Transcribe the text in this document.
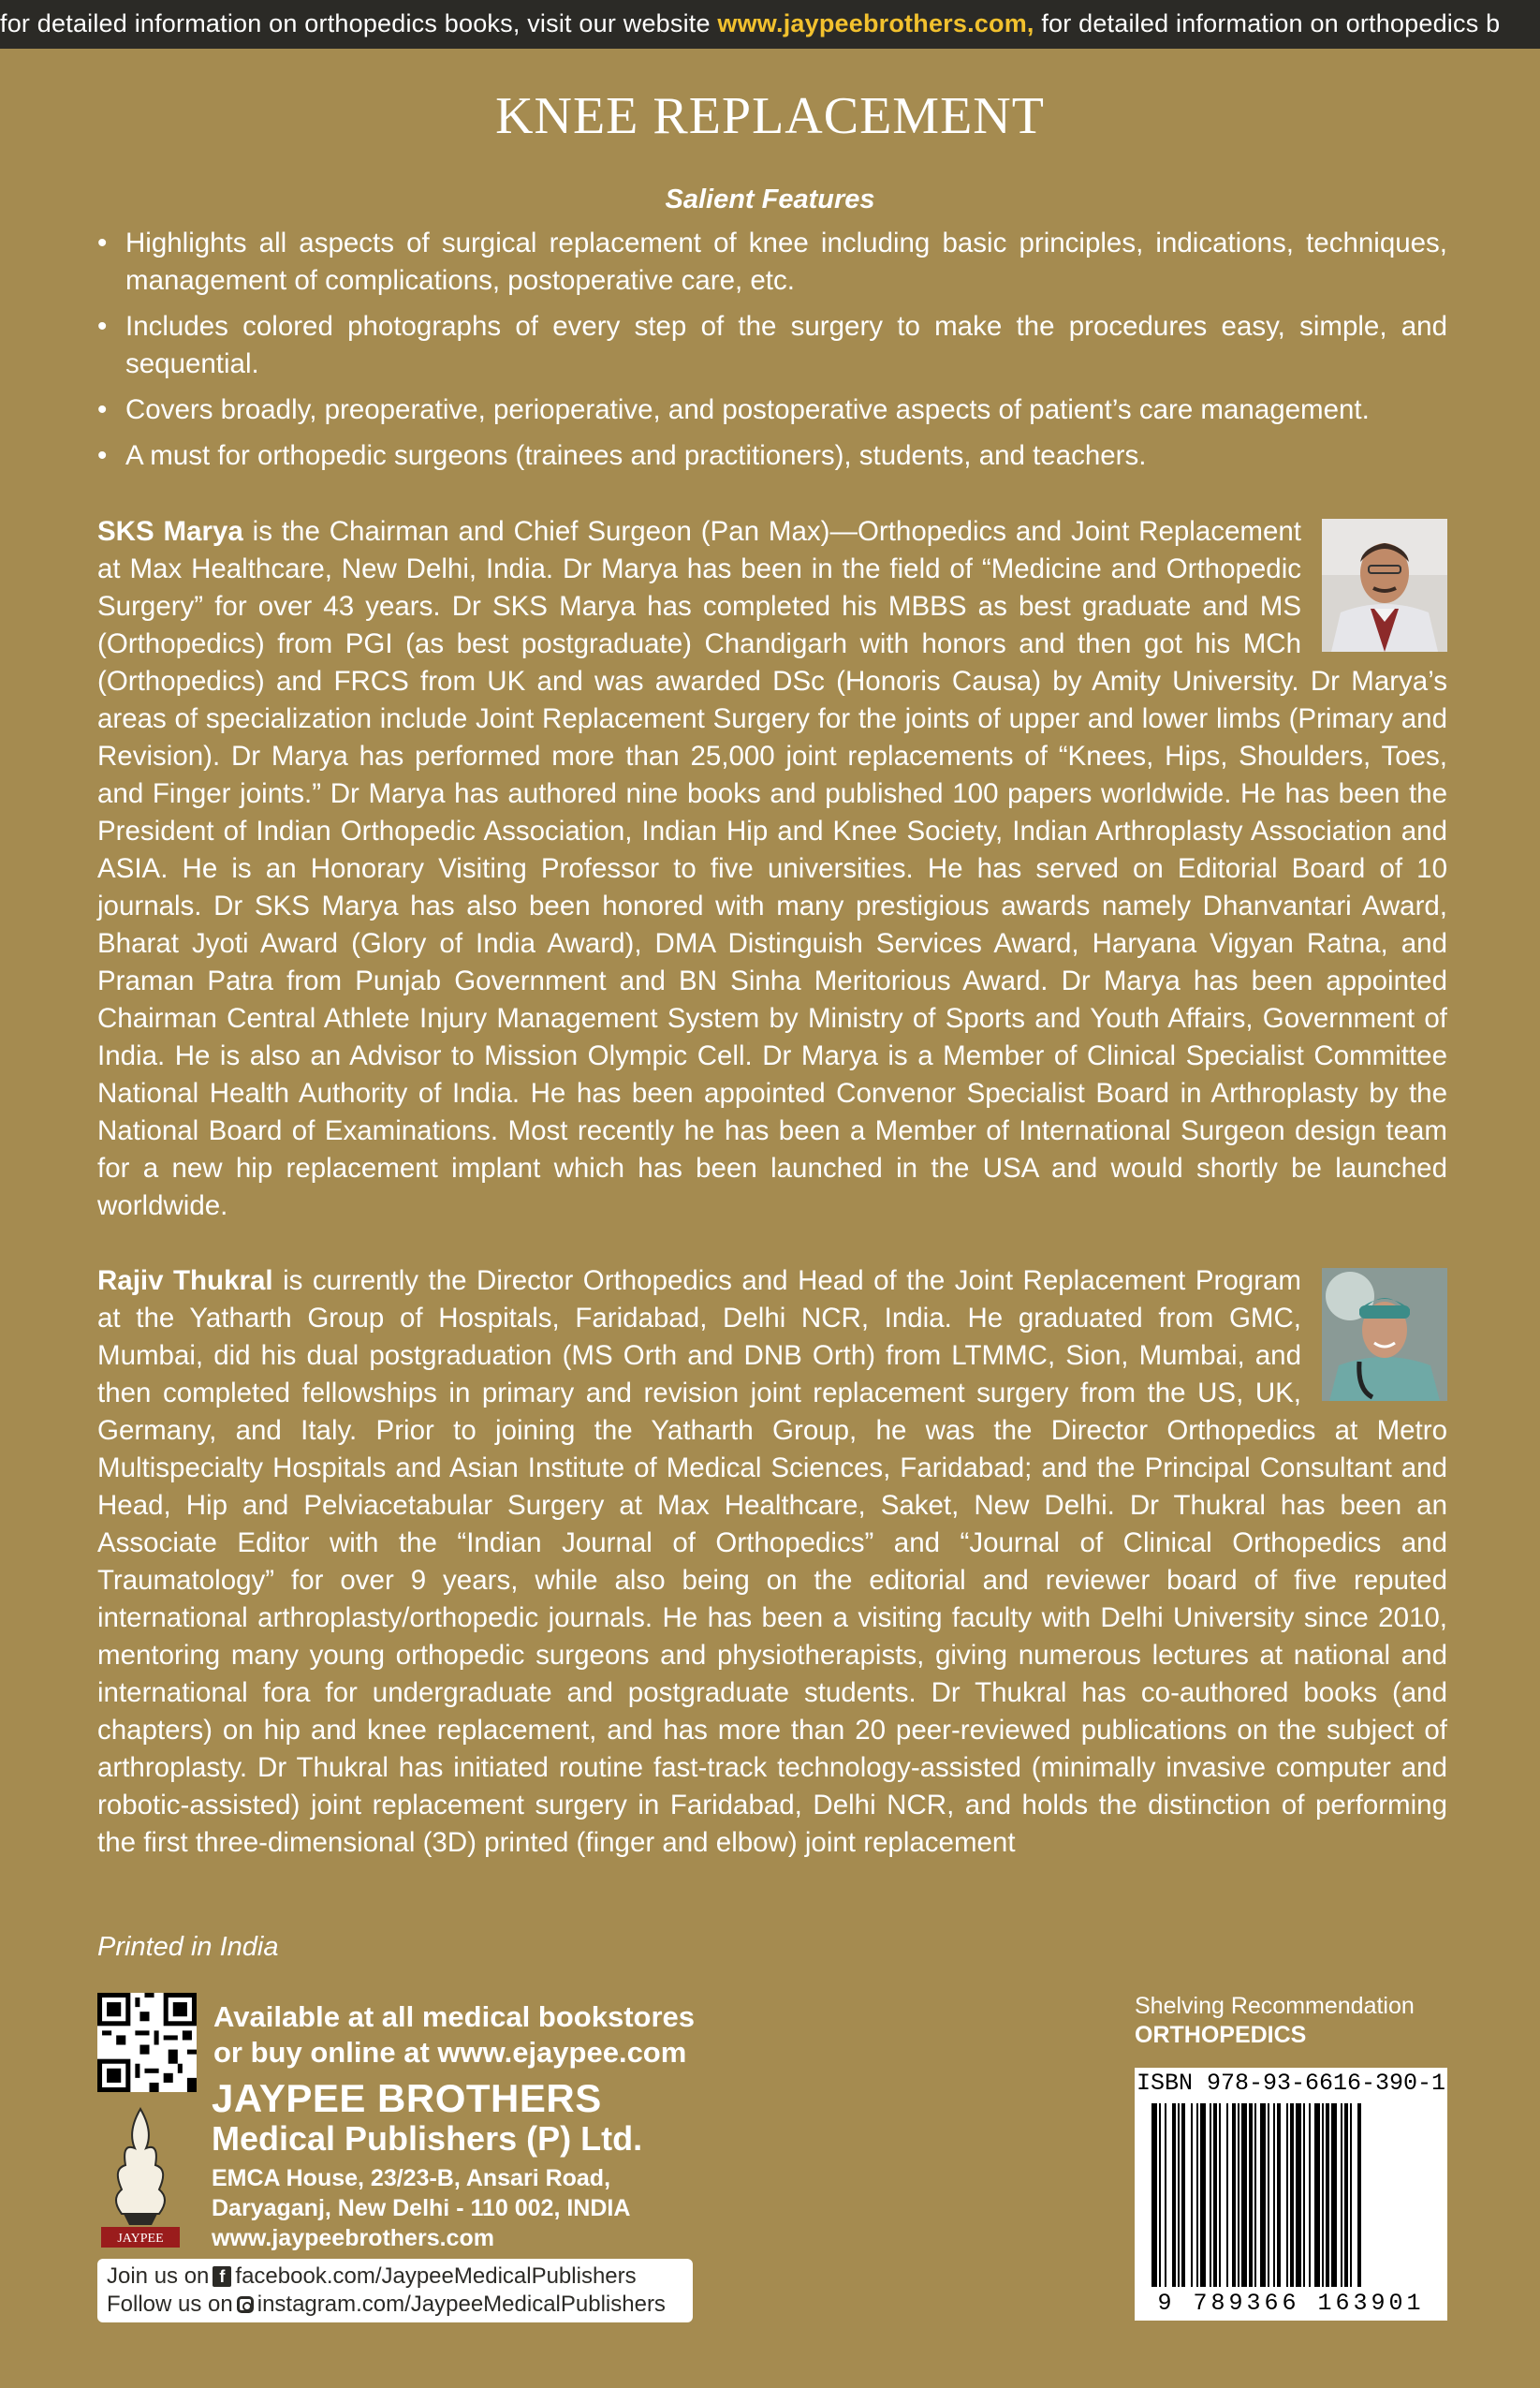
for detailed information on orthopedics books, visit our website www.jaypeebrothers.com, for detailed information on orthopedics b
KNEE REPLACEMENT
Salient Features
• Highlights all aspects of surgical replacement of knee including basic principles, indications, techniques, management of complications, postoperative care, etc.
• Includes colored photographs of every step of the surgery to make the procedures easy, simple, and sequential.
• Covers broadly, preoperative, perioperative, and postoperative aspects of patient’s care management.
• A must for orthopedic surgeons (trainees and practitioners), students, and teachers.
SKS Marya is the Chairman and Chief Surgeon (Pan Max)—Orthopedics and Joint Replacement at Max Healthcare, New Delhi, India. Dr Marya has been in the field of “Medicine and Orthopedic Surgery” for over 43 years. Dr SKS Marya has completed his MBBS as best graduate and MS (Orthopedics) from PGI (as best postgraduate) Chandigarh with honors and then got his MCh (Orthopedics) and FRCS from UK and was awarded DSc (Honoris Causa) by Amity University. Dr Marya’s areas of specialization include Joint Replacement Surgery for the joints of upper and lower limbs (Primary and Revision). Dr Marya has performed more than 25,000 joint replacements of “Knees, Hips, Shoulders, Toes, and Finger joints.” Dr Marya has authored nine books and published 100 papers worldwide. He has been the President of Indian Orthopedic Association, Indian Hip and Knee Society, Indian Arthroplasty Association and ASIA. He is an Honorary Visiting Professor to five universities. He has served on Editorial Board of 10 journals. Dr SKS Marya has also been honored with many prestigious awards namely Dhanvantari Award, Bharat Jyoti Award (Glory of India Award), DMA Distinguish Services Award, Haryana Vigyan Ratna, and Praman Patra from Punjab Government and BN Sinha Meritorious Award. Dr Marya has been appointed Chairman Central Athlete Injury Management System by Ministry of Sports and Youth Affairs, Government of India. He is also an Advisor to Mission Olympic Cell. Dr Marya is a Member of Clinical Specialist Committee National Health Authority of India. He has been appointed Convenor Specialist Board in Arthroplasty by the National Board of Examinations. Most recently he has been a Member of International Surgeon design team for a new hip replacement implant which has been launched in the USA and would shortly be launched worldwide.
Rajiv Thukral is currently the Director Orthopedics and Head of the Joint Replacement Program at the Yatharth Group of Hospitals, Faridabad, Delhi NCR, India. He graduated from GMC, Mumbai, did his dual postgraduation (MS Orth and DNB Orth) from LTMMC, Sion, Mumbai, and then completed fellowships in primary and revision joint replacement surgery from the US, UK, Germany, and Italy. Prior to joining the Yatharth Group, he was the Director Orthopedics at Metro Multispecialty Hospitals and Asian Institute of Medical Sciences, Faridabad; and the Principal Consultant and Head, Hip and Pelviacetabular Surgery at Max Healthcare, Saket, New Delhi. Dr Thukral has been an Associate Editor with the “Indian Journal of Orthopedics” and “Journal of Clinical Orthopedics and Traumatology” for over 9 years, while also being on the editorial and reviewer board of five reputed international arthroplasty/orthopedic journals. He has been a visiting faculty with Delhi University since 2010, mentoring many young orthopedic surgeons and physiotherapists, giving numerous lectures at national and international fora for undergraduate and postgraduate students. Dr Thukral has co-authored books (and chapters) on hip and knee replacement, and has more than 20 peer-reviewed publications on the subject of arthroplasty. Dr Thukral has initiated routine fast-track technology-assisted (minimally invasive computer and robotic-assisted) joint replacement surgery in Faridabad, Delhi NCR, and holds the distinction of performing the first three-dimensional (3D) printed (finger and elbow) joint replacement
Printed in India
Available at all medical bookstores
or buy online at www.ejaypee.com
JAYPEE
JAYPEE BROTHERS
Medical Publishers (P) Ltd.
EMCA House, 23/23-B, Ansari Road,
Daryaganj, New Delhi - 110 002, INDIA
www.jaypeebrothers.com
Join us on f facebook.com/JaypeeMedicalPublishers
Follow us on instagram.com/JaypeeMedicalPublishers
Shelving Recommendation
ORTHOPEDICS
ISBN 978-93-6616-390-1
9 789366 163901
